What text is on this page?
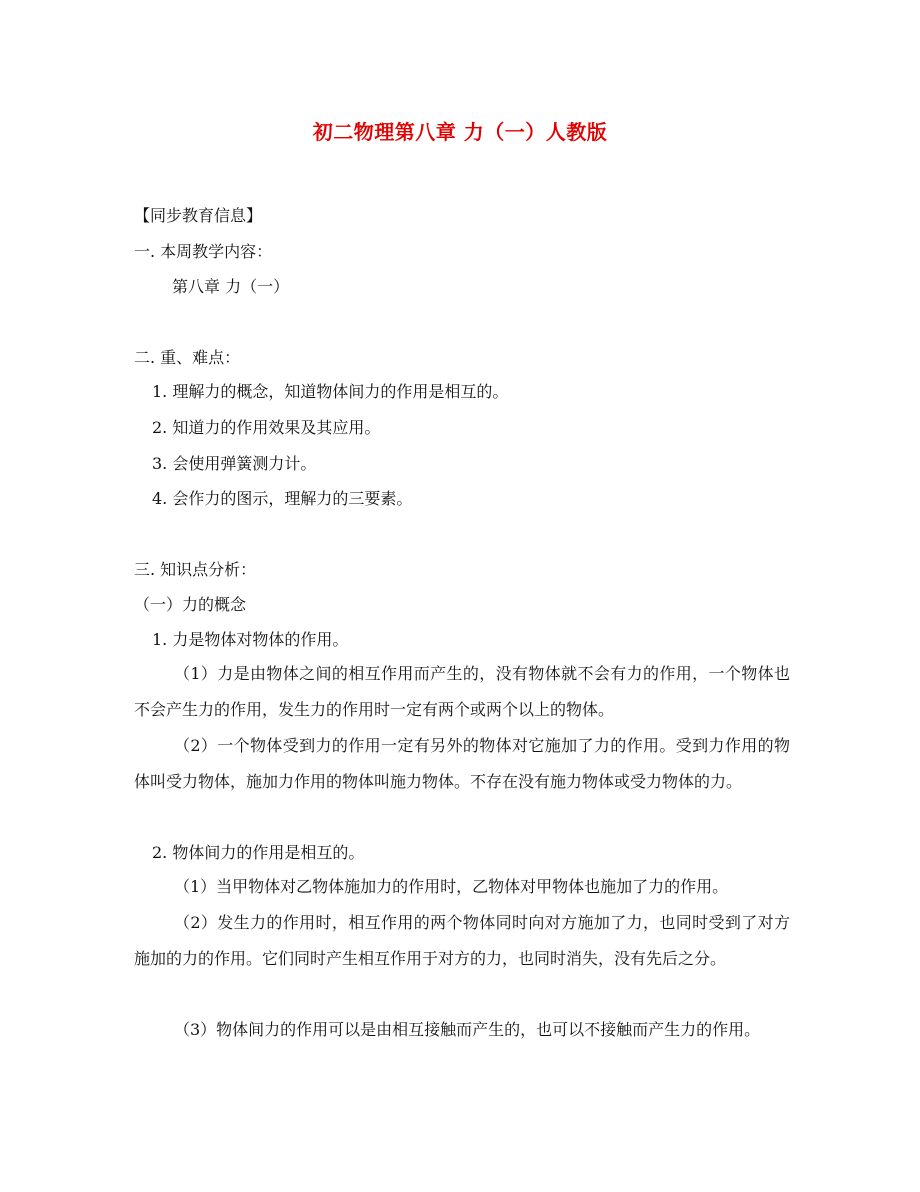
初二物理第八章 力（一）人教版
【同步教育信息】
一. 本周教学内容：
第八章 力（一）
二. 重、难点：
1. 理解力的概念，知道物体间力的作用是相互的。
2. 知道力的作用效果及其应用。
3. 会使用弹簧测力计。
4. 会作力的图示，理解力的三要素。
三. 知识点分析：
（一）力的概念
1. 力是物体对物体的作用。
（1）力是由物体之间的相互作用而产生的，没有物体就不会有力的作用，一个物体也不会产生力的作用，发生力的作用时一定有两个或两个以上的物体。
（2）一个物体受到力的作用一定有另外的物体对它施加了力的作用。受到力作用的物体叫受力物体，施加力作用的物体叫施力物体。不存在没有施力物体或受力物体的力。
2. 物体间力的作用是相互的。
（1）当甲物体对乙物体施加力的作用时，乙物体对甲物体也施加了力的作用。
（2）发生力的作用时，相互作用的两个物体同时向对方施加了力，也同时受到了对方施加的力的作用。它们同时产生相互作用于对方的力，也同时消失，没有先后之分。
（3）物体间力的作用可以是由相互接触而产生的，也可以不接触而产生力的作用。
